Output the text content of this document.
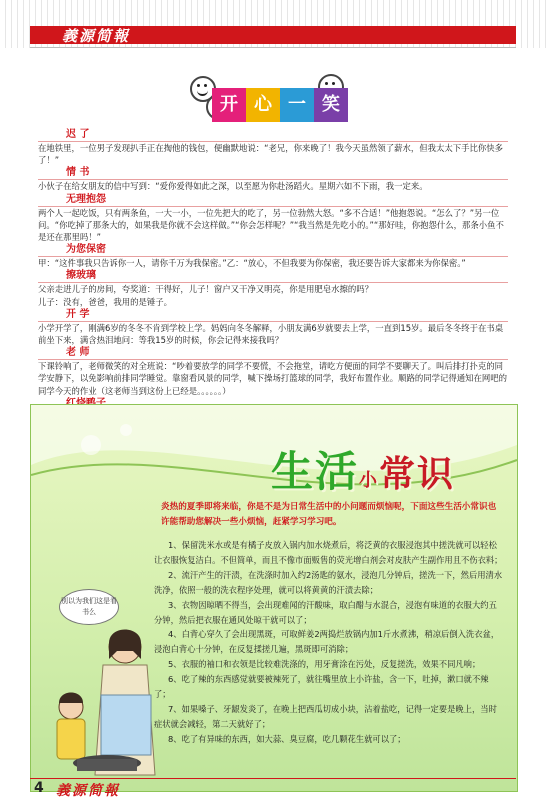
義源简報
开 心 一 笑
迟 了

在地铁里，一位男子发现扒手正在掏他的钱包，便幽默地说：“老兄，你来晚了！我今天虽然领了薪水，但我太太下手比你快多了！”

情 书

小伙子在给女朋友的信中写到：“爱你爱得如此之深，以至愿为你赴汤蹈火。星期六如不下雨，我一定来。

无理抱怨

两个人一起吃饭，只有两条鱼，一大一小，一位先把大的吃了，另一位勃然大怒。“多不合适！”他抱怨说。“怎么了？”另一位问。“你吃掉了那条大的，如果我是你就不会这样做。”“你会怎样呢？”“我当然是先吃小的。”“那好哇，你抱怨什么，那条小鱼不是还在那里吗！”

为您保密

甲：“这件事我只告诉你一人，请你千万为我保密。”乙：“放心，不但我要为你保密，我还要告诉大家都来为你保密。”

擦玻璃

父亲走进儿子的房间，夸奖道：干得好，儿子！窗户又干净又明亮，你是用肥皂水擦的吗？

儿子：没有，爸爸，我用的是锤子。

开 学

小学开学了，刚满6岁的冬冬不肯到学校上学。妈妈向冬冬解释，小朋友满6岁就要去上学，一直到15岁。最后冬冬终于在书桌前坐下来，满含热泪地问：等我15岁的时候，你会记得来接我吗？

老 师

下课铃响了，老师微笑的对全班说：“吵着要放学的同学不要慌，不会拖堂，请吃方便面的同学不要聊天了。叫后排打扑克的同学安静下，以免影响前排同学睡觉。靠窗看风景的同学，喊下操场打篮球的同学，我好布置作业。顺路的同学记得通知在网吧的同学今天的作业（这老师当到这份上已经是。。。。。。）

生活小常识
炎热的夏季即将来临，你是不是为日常生活中的小问题而烦恼呢，下面这些生活小常识也许能帮助您解决一些小烦恼，赶紧学习学习吧。
别以为我们这是看书么

1、保留洗米水或是有橘子皮放入锅内加水烧煮后，将泛黄的衣服浸泡其中搓洗就可以轻松让衣服恢复洁白。不但简单，而且不像市面贩售的荧光增白剂会对皮肤产生副作用且不伤衣料；

2、流汗产生的汗渍，在洗涤时加入约2汤匙的氨水，浸泡几分钟后，搓洗一下，然后用清水洗净，依照一般的洗衣程序处理，就可以将黄黄的汗渍去除；

3、衣物因晾晒不得当，会出现难闻的汗酸味，取白醋与水混合，浸泡有味道的衣服大约五分钟，然后把衣服在通风处晾干就可以了；

4、白背心穿久了会出现黑斑，可取鲜姜2两捣烂放锅内加1斤水煮沸，稍凉后倒入洗衣盆，浸泡白背心十分钟，在反复揉搓几遍，黑斑即可消除；

5、衣服的袖口和衣领是比较难洗涤的，用牙膏涂在污处，反复搓洗，效果不同凡响；

6、吃了辣的东西感觉就要被辣死了，就往嘴里放上小许盐，含一下，吐掉，漱口就不辣了；

7、如果嗓子、牙龈发炎了，在晚上把西瓜切成小块，沾着盐吃，记得一定要是晚上，当时症状就会减轻，第二天就好了；

8、吃了有异味的东西，如大蒜、臭豆腐，吃几颗花生就可以了；

4 義源简報
